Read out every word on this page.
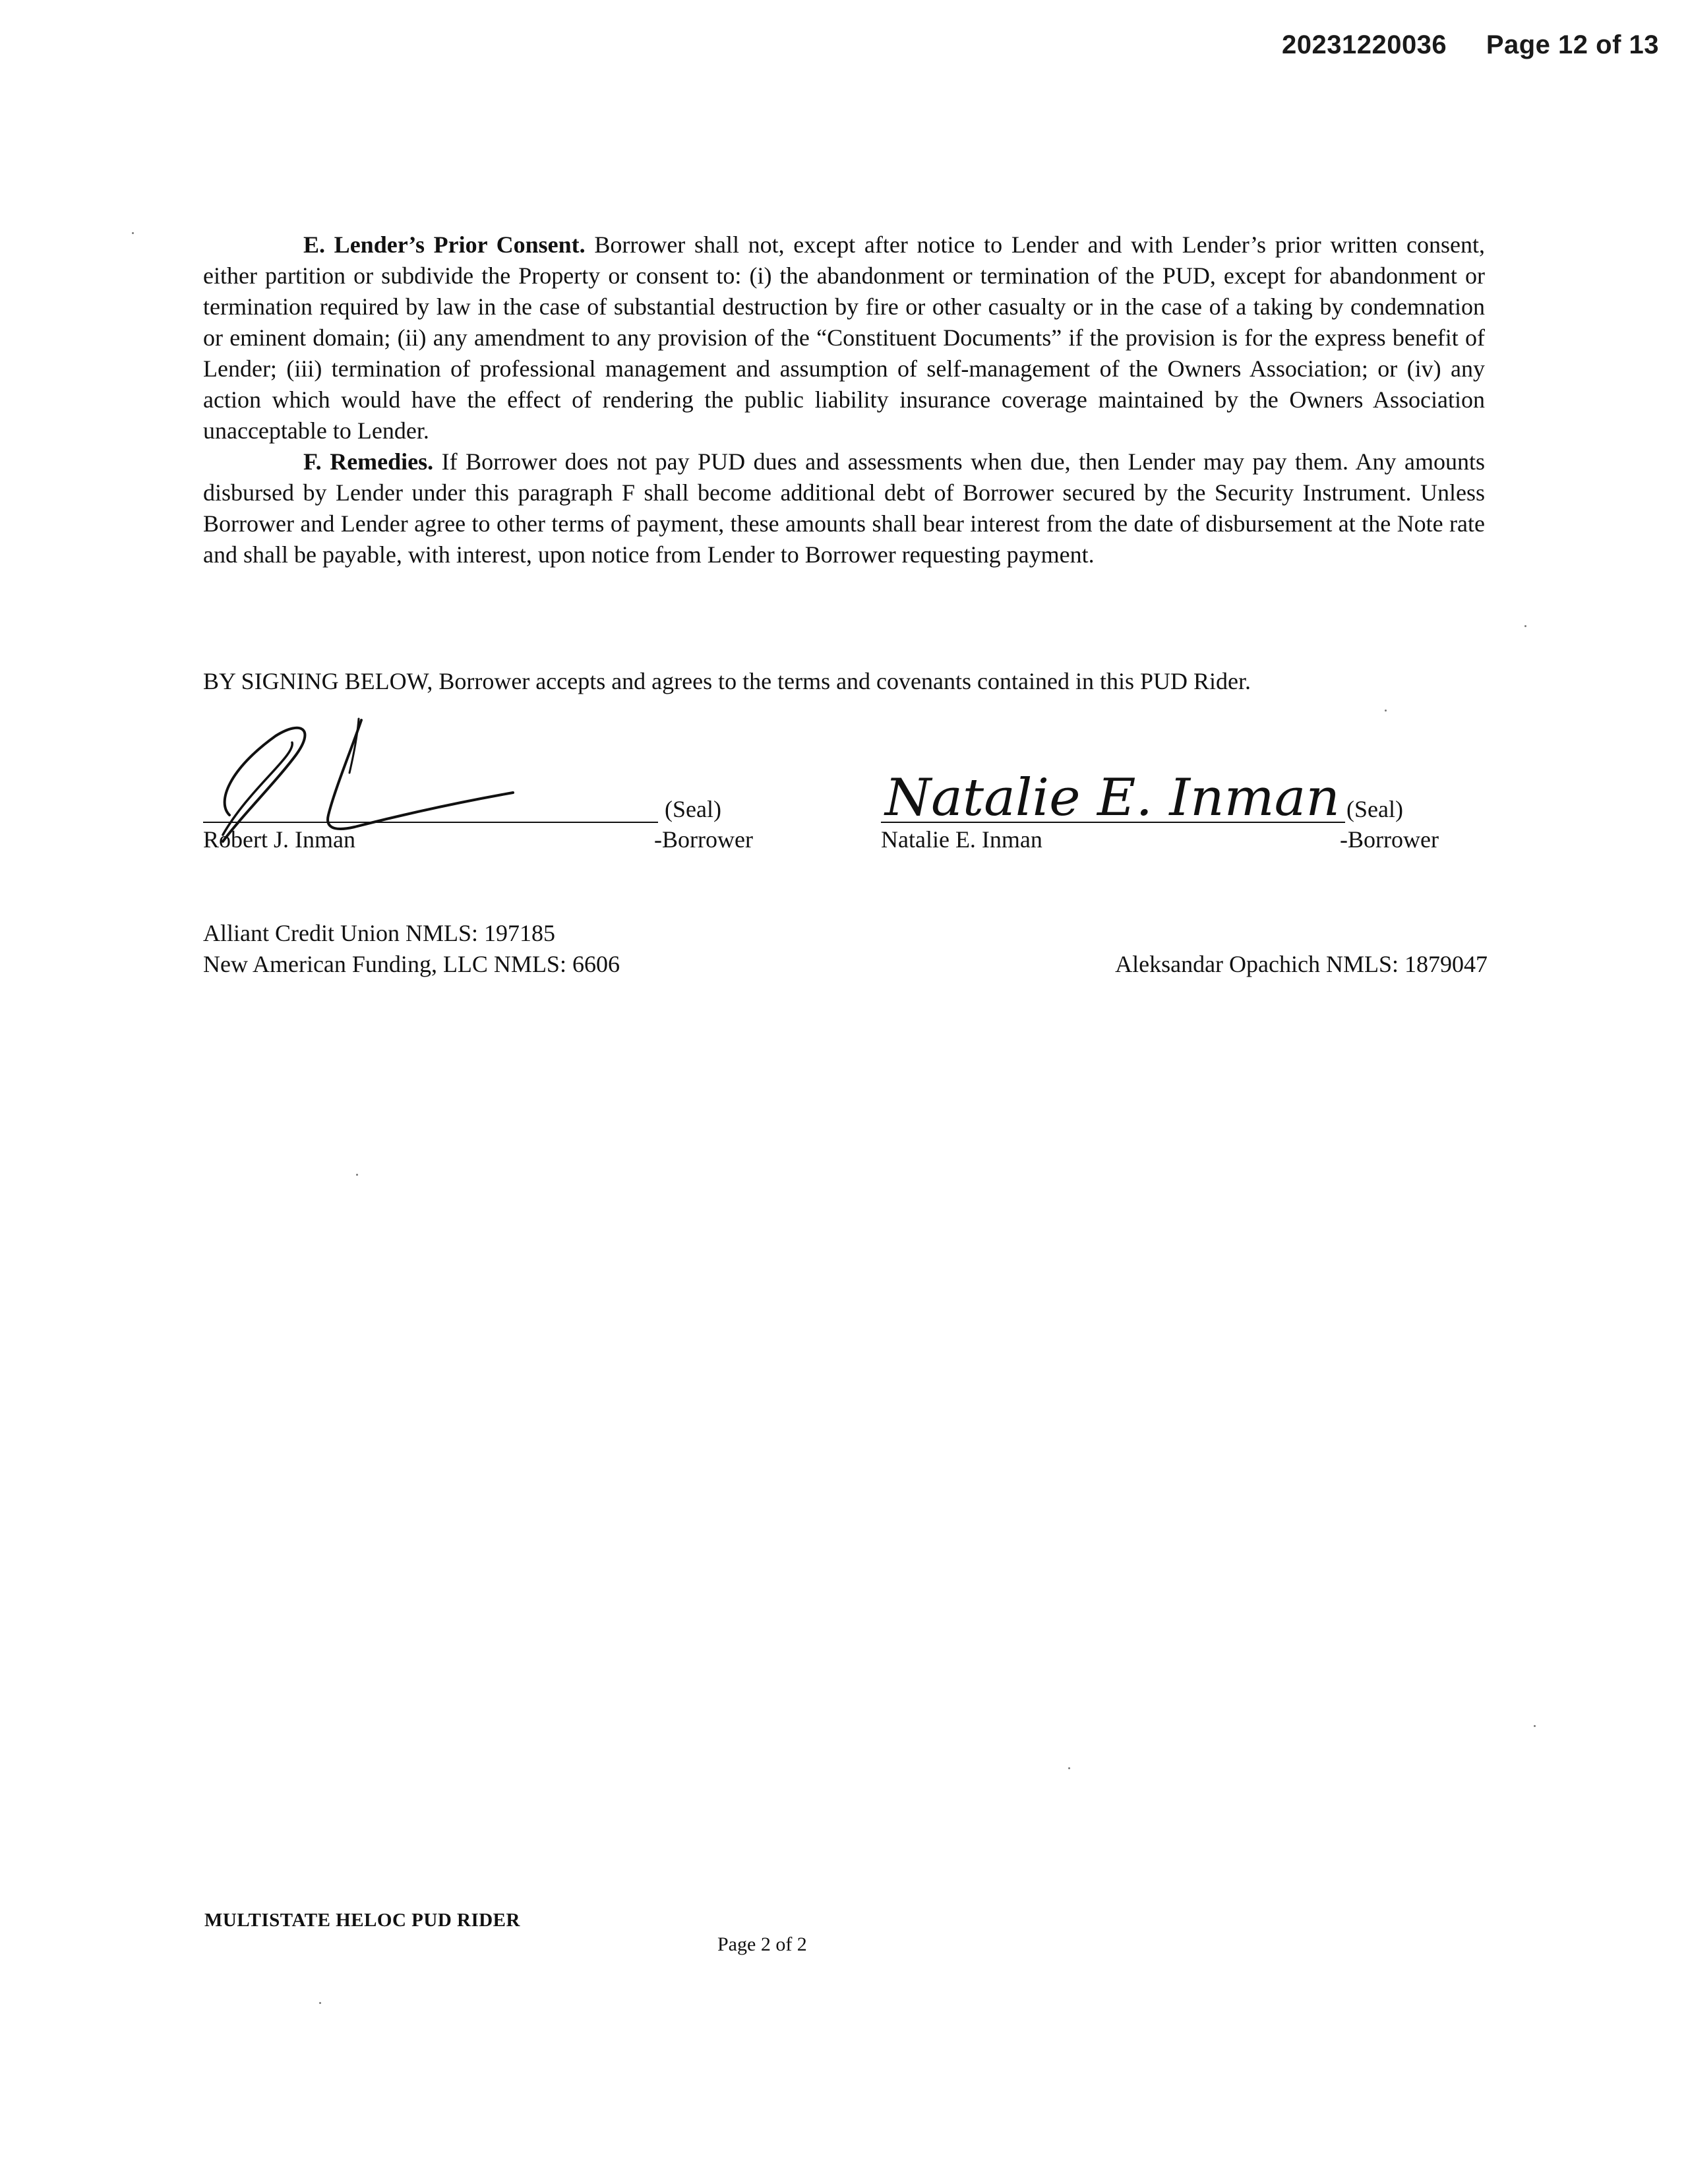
20231220036 Page 12 of 13

E. Lender’s Prior Consent. Borrower shall not, except after notice to Lender and with Lender’s prior written consent, either partition or subdivide the Property or consent to: (i) the abandonment or termination of the PUD, except for abandonment or termination required by law in the case of substantial destruction by fire or other casualty or in the case of a taking by condemnation or eminent domain; (ii) any amendment to any provision of the “Constituent Documents” if the provision is for the express benefit of Lender; (iii) termination of professional management and assumption of self-management of the Owners Association; or (iv) any action which would have the effect of rendering the public liability insurance coverage maintained by the Owners Association unacceptable to Lender.

F. Remedies. If Borrower does not pay PUD dues and assessments when due, then Lender may pay them. Any amounts disbursed by Lender under this paragraph F shall become additional debt of Borrower secured by the Security Instrument. Unless Borrower and Lender agree to other terms of payment, these amounts shall bear interest from the date of disbursement at the Note rate and shall be payable, with interest, upon notice from Lender to Borrower requesting payment.

BY SIGNING BELOW, Borrower accepts and agrees to the terms and covenants contained in this PUD Rider.
(Seal)
Robert J. Inman	-Borrower
Natalie E. Inman (Seal)
Natalie E. Inman	-Borrower
Alliant Credit Union NMLS: 197185
New American Funding, LLC NMLS: 6606	Aleksandar Opachich NMLS: 1879047
MULTISTATE HELOC PUD RIDER
Page 2 of 2
